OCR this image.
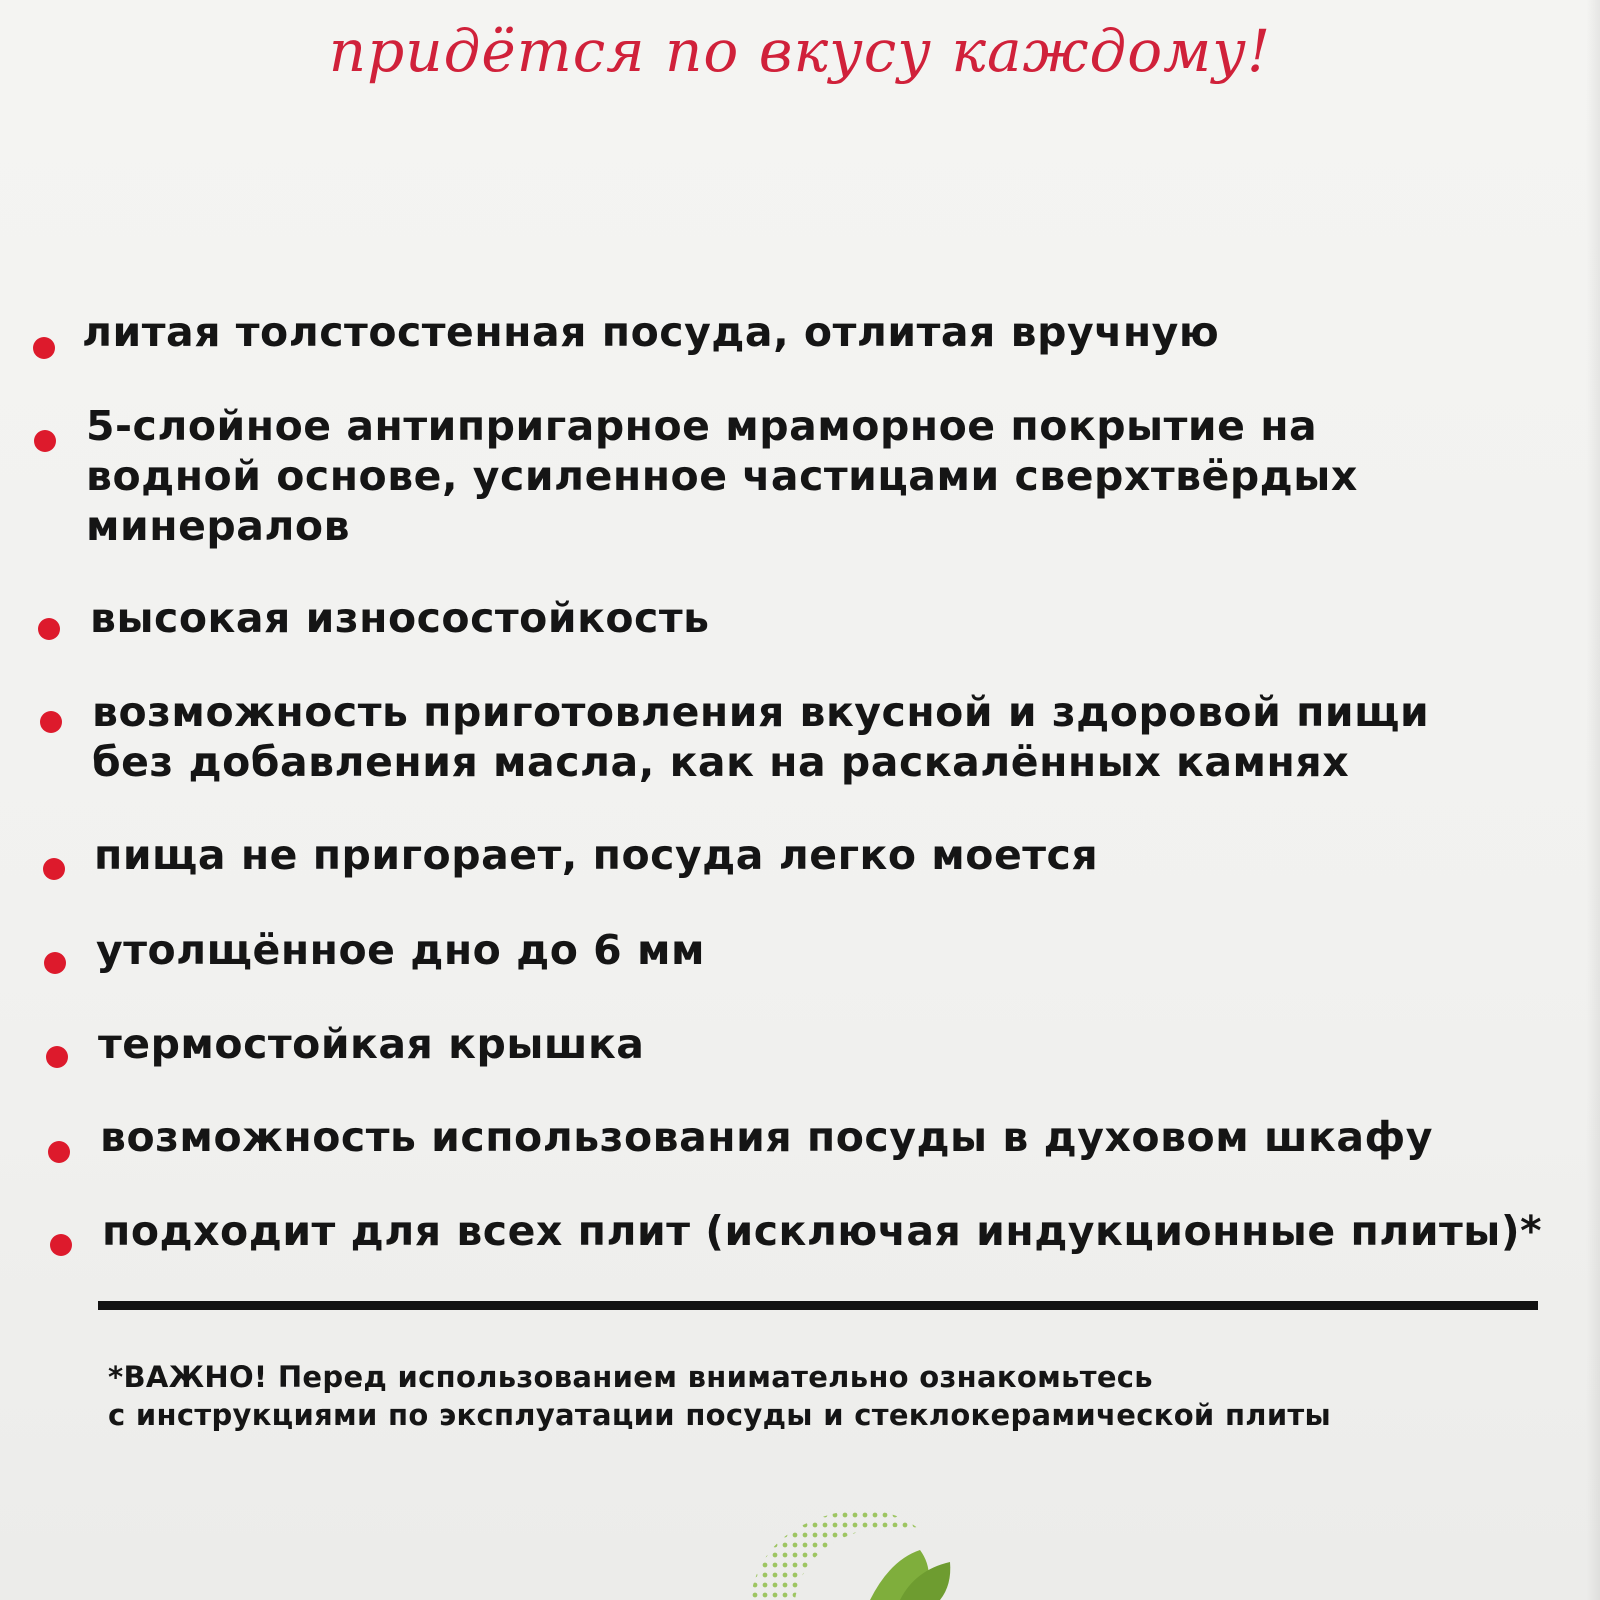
придётся по вкусу каждому!
литая толстостенная посуда, отлитая вручную
5-слойное антипригарное мраморное покрытие на
водной основе, усиленное частицами сверхтвёрдых
минералов
высокая износостойкость
возможность приготовления вкусной и здоровой пищи
без добавления масла, как на раскалённых камнях
пища не пригорает, посуда легко моется
утолщённое дно до 6 мм
термостойкая крышка
возможность использования посуды в духовом шкафу
подходит для всех плит (исключая индукционные плиты)*
*ВАЖНО! Перед использованием внимательно ознакомьтесь
с инструкциями по эксплуатации посуды и стеклокерамической плиты
